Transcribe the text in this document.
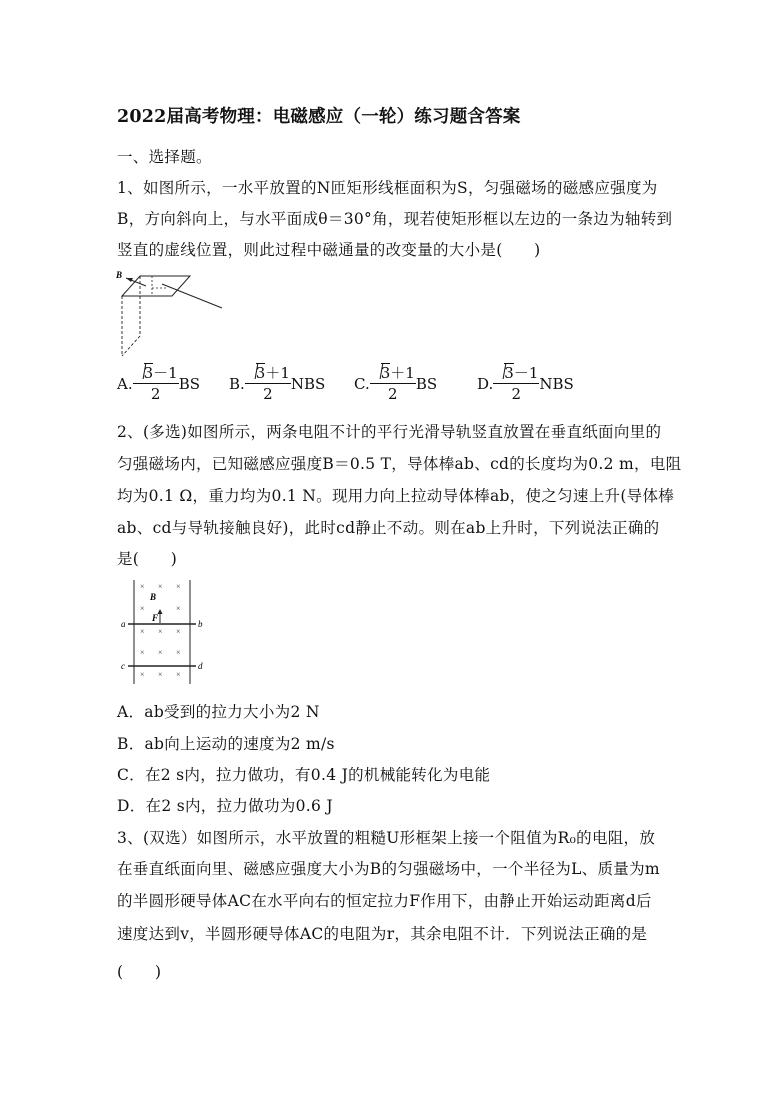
2022届高考物理：电磁感应（一轮）练习题含答案
一、选择题。
1、如图所示，一水平放置的N匝矩形线框面积为S，匀强磁场的磁感应强度为
B，方向斜向上，与水平面成θ＝30°角，现若使矩形框以左边的一条边为轴转到
竖直的虚线位置，则此过程中磁通量的改变量的大小是(　　)
B
A. $\frac{3-1}{2}$ BS B. $\frac{3+1}{2}$ NBS C. $\frac{3+1}{2}$ BS	D. $\frac{3-1}{2}$ NBS
2、(多选)如图所示，两条电阻不计的平行光滑导轨竖直放置在垂直纸面向里的
匀强磁场内，已知磁感应强度B＝0.5 T，导体棒ab、cd的长度均为0.2 m，电阻
均为0.1 Ω，重力均为0.1 N。现用力向上拉动导体棒ab，使之匀速上升(导体棒
ab、cd与导轨接触良好)，此时cd静止不动。则在ab上升时，下列说法正确的
是(　　)
B
F
a	b
c	d
× × ×
×	×
× × ×
× × ×
× × ×
A．ab受到的拉力大小为2 N
B．ab向上运动的速度为2 m/s
C．在2 s内，拉力做功，有0.4 J的机械能转化为电能
D．在2 s内，拉力做功为0.6 J
3、(双选）如图所示，水平放置的粗糙U形框架上接一个阻值为R₀的电阻，放
在垂直纸面向里、磁感应强度大小为B的匀强磁场中，一个半径为L、质量为m
的半圆形硬导体AC在水平向右的恒定拉力F作用下，由静止开始运动距离d后
速度达到v，半圆形硬导体AC的电阻为r，其余电阻不计．下列说法正确的是
(　　)
